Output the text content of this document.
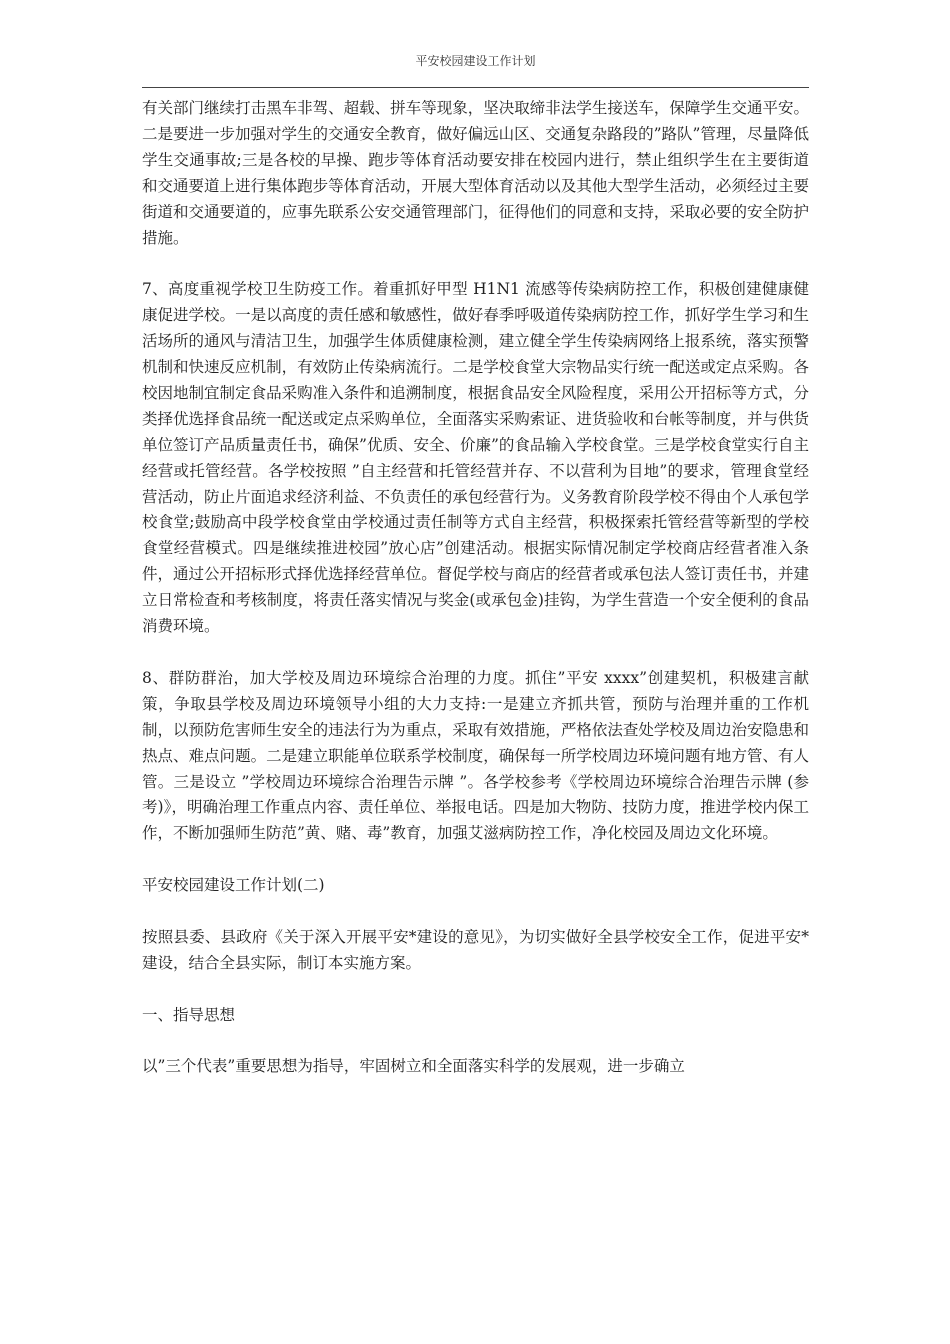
平安校园建设工作计划

有关部门继续打击黑车非驾、超载、拼车等现象，坚决取缔非法学生接送车，保障学生交通平安。二是要进一步加强对学生的交通安全教育，做好偏远山区、交通复杂路段的”路队”管理，尽量降低学生交通事故;三是各校的早操、跑步等体育活动要安排在校园内进行，禁止组织学生在主要街道和交通要道上进行集体跑步等体育活动，开展大型体育活动以及其他大型学生活动，必须经过主要街道和交通要道的，应事先联系公安交通管理部门，征得他们的同意和支持，采取必要的安全防护措施。

7、高度重视学校卫生防疫工作。着重抓好甲型 H1N1 流感等传染病防控工作，积极创建健康健康促进学校。一是以高度的责任感和敏感性，做好春季呼吸道传染病防控工作，抓好学生学习和生活场所的通风与清洁卫生，加强学生体质健康检测，建立健全学生传染病网络上报系统，落实预警机制和快速反应机制，有效防止传染病流行。二是学校食堂大宗物品实行统一配送或定点采购。各校因地制宜制定食品采购准入条件和追溯制度，根据食品安全风险程度，采用公开招标等方式，分类择优选择食品统一配送或定点采购单位，全面落实采购索证、进货验收和台帐等制度，并与供货单位签订产品质量责任书，确保”优质、安全、价廉”的食品输入学校食堂。三是学校食堂实行自主经营或托管经营。各学校按照 ”自主经营和托管经营并存、不以营利为目地”的要求，管理食堂经营活动，防止片面追求经济利益、不负责任的承包经营行为。义务教育阶段学校不得由个人承包学校食堂;鼓励高中段学校食堂由学校通过责任制等方式自主经营，积极探索托管经营等新型的学校食堂经营模式。四是继续推进校园”放心店”创建活动。根据实际情况制定学校商店经营者准入条件，通过公开招标形式择优选择经营单位。督促学校与商店的经营者或承包法人签订责任书，并建立日常检查和考核制度，将责任落实情况与奖金(或承包金)挂钩，为学生营造一个安全便利的食品消费环境。

8、群防群治，加大学校及周边环境综合治理的力度。抓住”平安 xxxx”创建契机，积极建言献策，争取县学校及周边环境领导小组的大力支持:一是建立齐抓共管，预防与治理并重的工作机制，以预防危害师生安全的违法行为为重点，采取有效措施，严格依法查处学校及周边治安隐患和热点、难点问题。二是建立职能单位联系学校制度，确保每一所学校周边环境问题有地方管、有人管。三是设立 ”学校周边环境综合治理告示牌 ”。各学校参考《学校周边环境综合治理告示牌 (参考)》，明确治理工作重点内容、责任单位、举报电话。四是加大物防、技防力度，推进学校内保工作，不断加强师生防范”黄、赌、毒”教育，加强艾滋病防控工作，净化校园及周边文化环境。

平安校园建设工作计划(二)

按照县委、县政府《关于深入开展平安*建设的意见》，为切实做好全县学校安全工作，促进平安*建设，结合全县实际，制订本实施方案。

一、指导思想

以”三个代表”重要思想为指导，牢固树立和全面落实科学的发展观，进一步确立
